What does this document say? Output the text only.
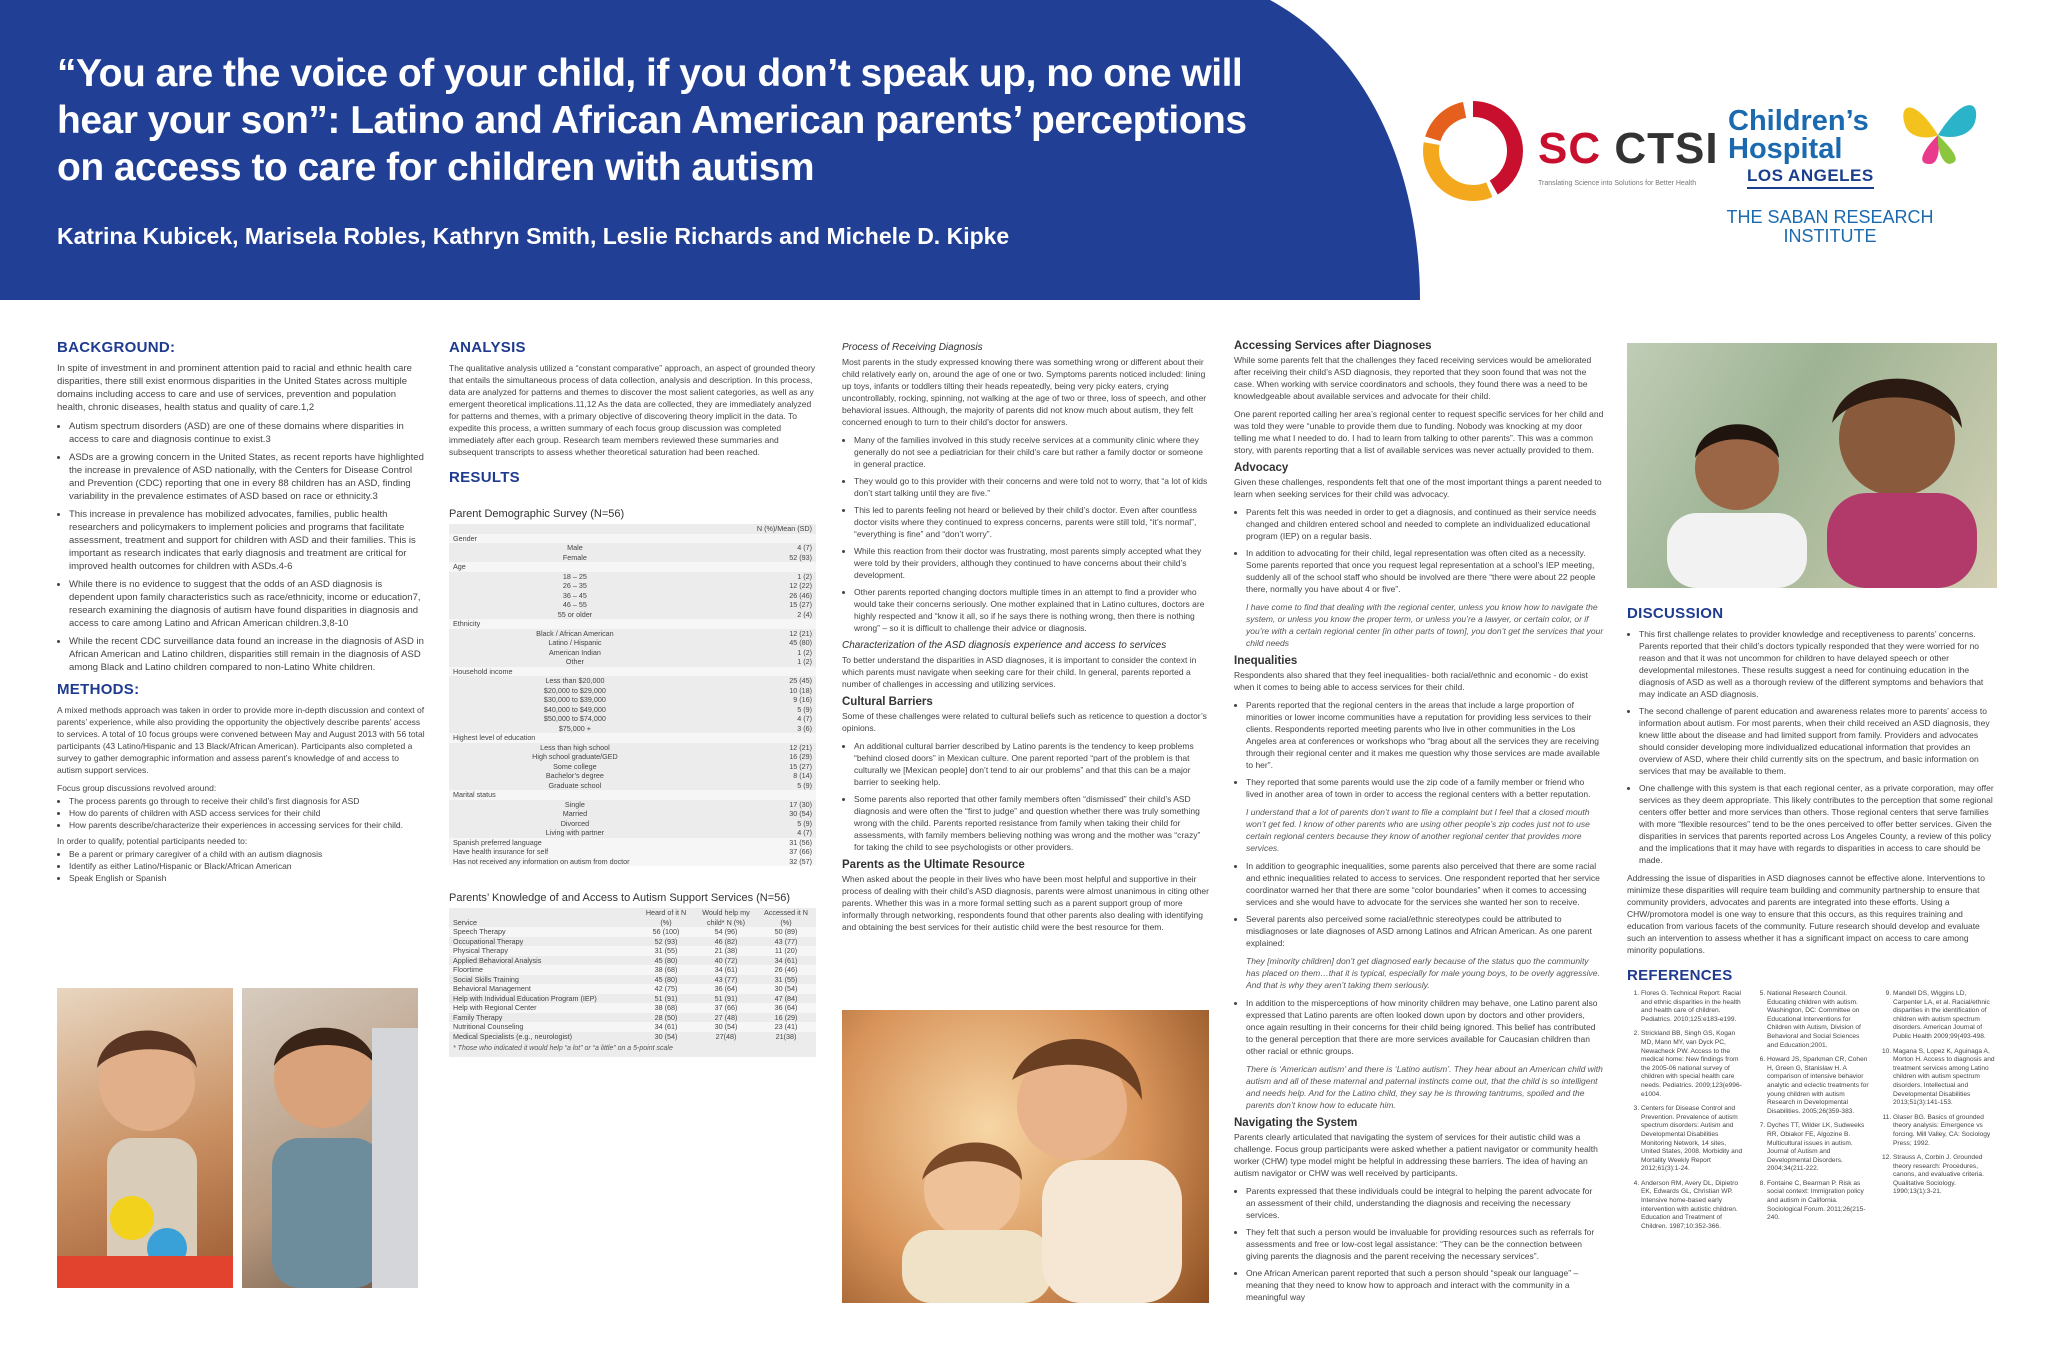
“You are the voice of your child, if you don’t speak up, no one will hear your son”: Latino and African American parents’ perceptions on access to care for children with autism
Katrina Kubicek, Marisela Robles, Kathryn Smith, Leslie Richards and Michele D. Kipke
SC CTSI
Translating Science into Solutions for Better Health
Children’s
Hospital
LOS ANGELES
THE SABAN RESEARCH
INSTITUTE
BACKGROUND:

In spite of investment in and prominent attention paid to racial and ethnic health care disparities, there still exist enormous disparities in the United States across multiple domains including access to care and use of services, prevention and population health, chronic diseases, health status and quality of care.1,2

• Autism spectrum disorders (ASD) are one of these domains where disparities in access to care and diagnosis continue to exist.3
• ASDs are a growing concern in the United States, as recent reports have highlighted the increase in prevalence of ASD nationally, with the Centers for Disease Control and Prevention (CDC) reporting that one in every 88 children has an ASD, finding variability in the prevalence estimates of ASD based on race or ethnicity.3
• This increase in prevalence has mobilized advocates, families, public health researchers and policymakers to implement policies and programs that facilitate assessment, treatment and support for children with ASD and their families. This is important as research indicates that early diagnosis and treatment are critical for improved health outcomes for children with ASDs.4-6
• While there is no evidence to suggest that the odds of an ASD diagnosis is dependent upon family characteristics such as race/ethnicity, income or education7, research examining the diagnosis of autism have found disparities in diagnosis and access to care among Latino and African American children.3,8-10
• While the recent CDC surveillance data found an increase in the diagnosis of ASD in African American and Latino children, disparities still remain in the diagnosis of ASD among Black and Latino children compared to non-Latino White children.
METHODS:

A mixed methods approach was taken in order to provide more in-depth discussion and context of parents’ experience, while also providing the opportunity the objectively describe parents’ access to services. A total of 10 focus groups were convened between May and August 2013 with 56 total participants (43 Latino/Hispanic and 13 Black/African American). Participants also completed a survey to gather demographic information and assess parent’s knowledge of and access to autism support services.

Focus group discussions revolved around:

• The process parents go through to receive their child’s first diagnosis for ASD
• How do parents of children with ASD access services for their child
• How parents describe/characterize their experiences in accessing services for their child.

In order to qualify, potential participants needed to:

• Be a parent or primary caregiver of a child with an autism diagnosis
• Identify as either Latino/Hispanic or Black/African American
• Speak English or Spanish
ANALYSIS

The qualitative analysis utilized a “constant comparative” approach, an aspect of grounded theory that entails the simultaneous process of data collection, analysis and description. In this process, data are analyzed for patterns and themes to discover the most salient categories, as well as any emergent theoretical implications.11,12 As the data are collected, they are immediately analyzed for patterns and themes, with a primary objective of discovering theory implicit in the data. To expedite this process, a written summary of each focus group discussion was completed immediately after each group. Research team members reviewed these summaries and subsequent transcripts to assess whether theoretical saturation had been reached.

RESULTS
Parent Demographic Survey (N=56)
	N (%)/Mean (SD)
Gender	
Male	4 (7)
Female	52 (93)
Age	
18 – 25	1 (2)
26 – 35	12 (22)
36 – 45	26 (46)
46 – 55	15 (27)
55 or older	2 (4)
Ethnicity	
Black / African American	12 (21)
Latino / Hispanic	45 (80)
American Indian	1 (2)
Other	1 (2)
Household income	
Less than $20,000	25 (45)
$20,000 to $29,000	10 (18)
$30,000 to $39,000	9 (16)
$40,000 to $49,000	5 (9)
$50,000 to $74,000	4 (7)
$75,000 +	3 (6)
Highest level of education	
Less than high school	12 (21)
High school graduate/GED	16 (29)
Some college	15 (27)
Bachelor’s degree	8 (14)
Graduate school	5 (9)
Marital status	
Single	17 (30)
Married	30 (54)
Divorced	5 (9)
Living with partner	4 (7)
Spanish preferred language	31 (56)
Have health insurance for self	37 (66)
Has not received any information on autism from doctor	32 (57)
Parents’ Knowledge of and Access to Autism Support Services (N=56)
Service	Heard of it N (%)	Would help my child* N (%)	Accessed it N (%)
Speech Therapy	56 (100)	54 (96)	50 (89)
Occupational Therapy	52 (93)	46 (82)	43 (77)
Physical Therapy	31 (55)	21 (38)	11 (20)
Applied Behavioral Analysis	45 (80)	40 (72)	34 (61)
Floortime	38 (68)	34 (61)	26 (46)
Social Skills Training	45 (80)	43 (77)	31 (55)
Behavioral Management	42 (75)	36 (64)	30 (54)
Help with Individual Education Program (IEP)	51 (91)	51 (91)	47 (84)
Help with Regional Center	38 (68)	37 (66)	36 (64)
Family Therapy	28 (50)	27 (48)	16 (29)
Nutritional Counseling	34 (61)	30 (54)	23 (41)
Medical Specialists (e.g., neurologist)	30 (54)	27(48)	21(38)
* Those who indicated it would help “a lot” or “a little” on a 5-point scale
Process of Receiving Diagnosis

Most parents in the study expressed knowing there was something wrong or different about their child relatively early on, around the age of one or two. Symptoms parents noticed included: lining up toys, infants or toddlers tilting their heads repeatedly, being very picky eaters, crying uncontrollably, rocking, spinning, not walking at the age of two or three, loss of speech, and other behavioral issues. Although, the majority of parents did not know much about autism, they felt concerned enough to turn to their child’s doctor for answers.

• Many of the families involved in this study receive services at a community clinic where they generally do not see a pediatrician for their child’s care but rather a family doctor or someone in general practice.
• They would go to this provider with their concerns and were told not to worry, that “a lot of kids don’t start talking until they are five.”
• This led to parents feeling not heard or believed by their child’s doctor. Even after countless doctor visits where they continued to express concerns, parents were still told, “it’s normal”, “everything is fine” and “don’t worry”.
• While this reaction from their doctor was frustrating, most parents simply accepted what they were told by their providers, although they continued to have concerns about their child’s development.
• Other parents reported changing doctors multiple times in an attempt to find a provider who would take their concerns seriously. One mother explained that in Latino cultures, doctors are highly respected and “know it all, so if he says there is nothing wrong, then there is nothing wrong” – so it is difficult to challenge their advice or diagnosis.
Characterization of the ASD diagnosis experience and access to services

To better understand the disparities in ASD diagnoses, it is important to consider the context in which parents must navigate when seeking care for their child. In general, parents reported a number of challenges in accessing and utilizing services.

Cultural Barriers

Some of these challenges were related to cultural beliefs such as reticence to question a doctor’s opinions.

• An additional cultural barrier described by Latino parents is the tendency to keep problems “behind closed doors” in Mexican culture. One parent reported “part of the problem is that culturally we [Mexican people] don’t tend to air our problems” and that this can be a major barrier to seeking help.
• Some parents also reported that other family members often “dismissed” their child’s ASD diagnosis and were often the “first to judge” and question whether there was truly something wrong with the child. Parents reported resistance from family when taking their child for assessments, with family members believing nothing was wrong and the mother was “crazy” for taking the child to see psychologists or other providers.
Parents as the Ultimate Resource

When asked about the people in their lives who have been most helpful and supportive in their process of dealing with their child’s ASD diagnosis, parents were almost unanimous in citing other parents. Whether this was in a more formal setting such as a parent support group of more informally through networking, respondents found that other parents also dealing with identifying and obtaining the best services for their autistic child were the best resource for them.

Accessing Services after Diagnoses

While some parents felt that the challenges they faced receiving services would be ameliorated after receiving their child’s ASD diagnosis, they reported that they soon found that was not the case. When working with service coordinators and schools, they found there was a need to be knowledgeable about available services and advocate for their child.

One parent reported calling her area’s regional center to request specific services for her child and was told they were “unable to provide them due to funding. Nobody was knocking at my door telling me what I needed to do. I had to learn from talking to other parents”. This was a common story, with parents reporting that a list of available services was never actually provided to them.

Advocacy

Given these challenges, respondents felt that one of the most important things a parent needed to learn when seeking services for their child was advocacy.

• Parents felt this was needed in order to get a diagnosis, and continued as their service needs changed and children entered school and needed to complete an individualized educational program (IEP) on a regular basis.
• In addition to advocating for their child, legal representation was often cited as a necessity. Some parents reported that once you request legal representation at a school’s IEP meeting, suddenly all of the school staff who should be involved are there “there were about 22 people there, normally you have about 4 or five”.

I have come to find that dealing with the regional center, unless you know how to navigate the system, or unless you know the proper term, or unless you’re a lawyer, or certain color, or if you’re with a certain regional center [in other parts of town], you don’t get the services that your child needs

Inequalities

Respondents also shared that they feel inequalities- both racial/ethnic and economic - do exist when it comes to being able to access services for their child.

• Parents reported that the regional centers in the areas that include a large proportion of minorities or lower income communities have a reputation for providing less services to their clients. Respondents reported meeting parents who live in other communities in the Los Angeles area at conferences or workshops who “brag about all the services they are receiving through their regional center and it makes me question why those services are made available to her”.
• They reported that some parents would use the zip code of a family member or friend who lived in another area of town in order to access the regional centers with a better reputation.

I understand that a lot of parents don’t want to file a complaint but I feel that a closed mouth won’t get fed. I know of other parents who are using other people’s zip codes just not to use certain regional centers because they know of another regional center that provides more services.

• In addition to geographic inequalities, some parents also perceived that there are some racial and ethnic inequalities related to access to services. One respondent reported that her service coordinator warned her that there are some “color boundaries” when it comes to accessing services and she would have to advocate for the services she wanted her son to receive.
• Several parents also perceived some racial/ethnic stereotypes could be attributed to misdiagnoses or late diagnoses of ASD among Latinos and African American. As one parent explained:

They [minority children] don’t get diagnosed early because of the status quo the community has placed on them…that it is typical, especially for male young boys, to be overly aggressive. And that is why they aren’t taking them seriously.

• In addition to the misperceptions of how minority children may behave, one Latino parent also expressed that Latino parents are often looked down upon by doctors and other providers, once again resulting in their concerns for their child being ignored. This belief has contributed to the general perception that there are more services available for Caucasian children than other racial or ethnic groups.

There is ‘American autism’ and there is ‘Latino autism’. They hear about an American child with autism and all of these maternal and paternal instincts come out, that the child is so intelligent and needs help. And for the Latino child, they say he is throwing tantrums, spoiled and the parents don’t know how to educate him.

Navigating the System

Parents clearly articulated that navigating the system of services for their autistic child was a challenge. Focus group participants were asked whether a patient navigator or community health worker (CHW) type model might be helpful in addressing these barriers. The idea of having an autism navigator or CHW was well received by participants.

• Parents expressed that these individuals could be integral to helping the parent advocate for an assessment of their child, understanding the diagnosis and receiving the necessary services.
• They felt that such a person would be invaluable for providing resources such as referrals for assessments and free or low-cost legal assistance: “They can be the connection between giving parents the diagnosis and the parent receiving the necessary services”.
• One African American parent reported that such a person should “speak our language” – meaning that they need to know how to approach and interact with the community in a meaningful way
DISCUSSION
• This first challenge relates to provider knowledge and receptiveness to parents’ concerns. Parents reported that their child’s doctors typically responded that they were worried for no reason and that it was not uncommon for children to have delayed speech or other developmental milestones. These results suggest a need for continuing education in the diagnosis of ASD as well as a thorough review of the different symptoms and behaviors that may indicate an ASD diagnosis.
• The second challenge of parent education and awareness relates more to parents’ access to information about autism. For most parents, when their child received an ASD diagnosis, they knew little about the disease and had limited support from family. Providers and advocates should consider developing more individualized educational information that provides an overview of ASD, where their child currently sits on the spectrum, and basic information on services that may be available to them.
• One challenge with this system is that each regional center, as a private corporation, may offer services as they deem appropriate. This likely contributes to the perception that some regional centers offer better and more services than others. Those regional centers that serve families with more “flexible resources” tend to be the ones perceived to offer better services. Given the disparities in services that parents reported across Los Angeles County, a review of this policy and the implications that it may have with regards to disparities in access to care should be made.

Addressing the issue of disparities in ASD diagnoses cannot be effective alone. Interventions to minimize these disparities will require team building and community partnership to ensure that community providers, advocates and parents are integrated into these efforts. Using a CHW/promotora model is one way to ensure that this occurs, as this requires training and education from various facets of the community. Future research should develop and evaluate such an intervention to assess whether it has a significant impact on access to care among minority populations.

REFERENCES
1. Flores G. Technical Report: Racial and ethnic disparities in the health and health care of children. Pediatrics. 2010;125:e183-e199.
2. Strickland BB, Singh GS, Kogan MD, Mann MY, van Dyck PC, Newacheck PW. Access to the medical home: New findings from the 2005-06 national survey of children with special health care needs. Pediatrics. 2009;123(e996-e1004.
3. Centers for Disease Control and Prevention. Prevalence of autism spectrum disorders: Autism and Developmental Disabilities Monitoring Network, 14 sites, United States, 2008. Morbidity and Mortality Weekly Report 2012;61(3):1-24.
4. Anderson RM, Avery DL, Dipietro EK, Edwards GL, Christian WP. Intensive home-based early intervention with autistic children. Education and Treatment of Children. 1987;10:352-366.
5. National Research Council. Educating children with autism. Washington, DC: Committee on Educational Interventions for Children with Autism, Division of Behavioral and Social Sciences and Education;2001.
6. Howard JS, Sparkman CR, Cohen H, Green G, Stanislaw H. A comparison of intensive behavior analytic and eclectic treatments for young children with autism Research in Developmental Disabilities. 2005;26(359-383.
7. Dyches TT, Wilder LK, Sudweeks RR, Obiakor FE, Algozine B. Multicultural issues in autism. Journal of Autism and Developmental Disorders. 2004;34(211-222.
8. Fontaine C, Bearman P. Risk as social context: Immigration policy and autism in California. Sociological Forum. 2011;26(215-240.
9. Mandell DS, Wiggins LD, Carpenter LA, et al. Racial/ethnic disparities in the identification of children with autism spectrum disorders. American Journal of Public Health 2009;99(493-498.
10. Magana S, Lopez K, Aguinaga A, Morton H. Access to diagnosis and treatment services among Latino children with autism spectrum disorders. Intellectual and Developmental Disabilities 2013;51(3):141-153.
11. Glaser BG. Basics of grounded theory analysis: Emergence vs forcing. Mill Valley, CA: Sociology Press; 1992.
12. Strauss A, Corbin J. Grounded theory research: Procedures, canons, and evaluative criteria. Qualitative Sociology. 1990;13(1):3-21.
